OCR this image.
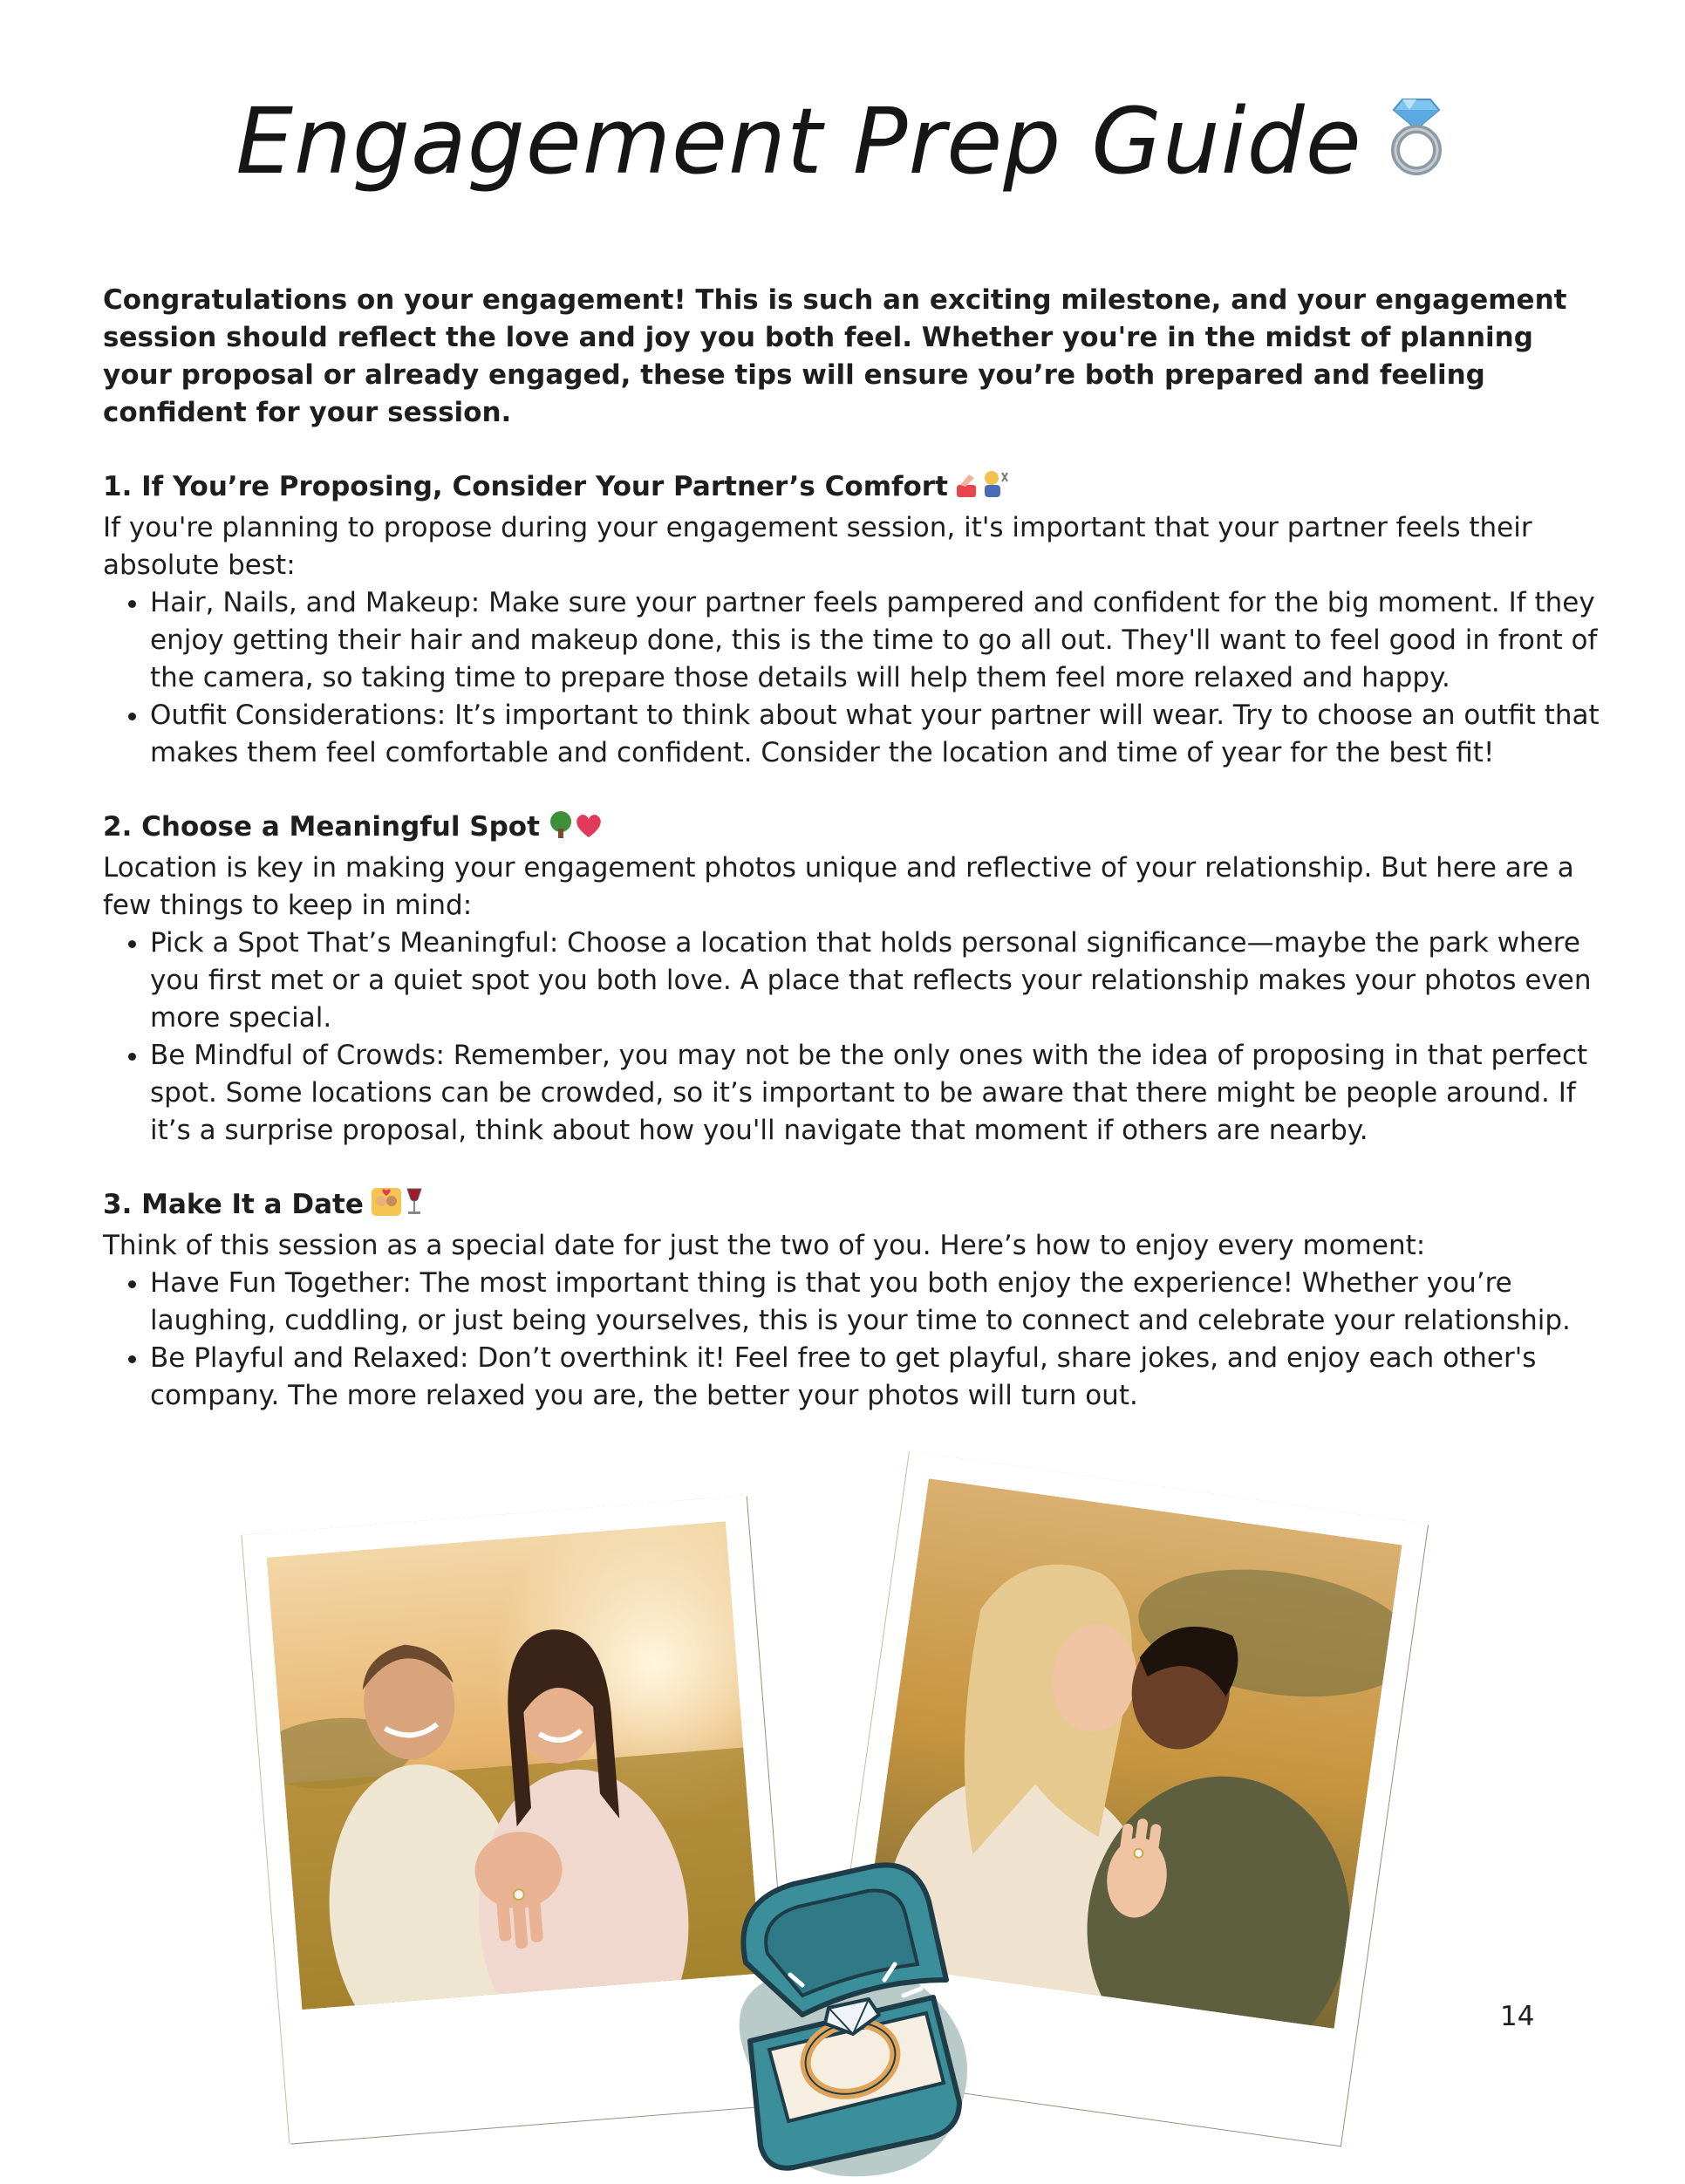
Engagement Prep Guide

Congratulations on your engagement! This is such an exciting milestone, and your engagement session should reflect the love and joy you both feel. Whether you're in the midst of planning your proposal or already engaged, these tips will ensure you’re both prepared and feeling confident for your session.

1. If You’re Proposing, Consider Your Partner’s Comfort

If you're planning to propose during your engagement session, it's important that your partner feels their absolute best:

• Hair, Nails, and Makeup: Make sure your partner feels pampered and confident for the big moment. If they enjoy getting their hair and makeup done, this is the time to go all out. They'll want to feel good in front of the camera, so taking time to prepare those details will help them feel more relaxed and happy.
• Outfit Considerations: It’s important to think about what your partner will wear. Try to choose an outfit that makes them feel comfortable and confident. Consider the location and time of year for the best fit!
2. Choose a Meaningful Spot

Location is key in making your engagement photos unique and reflective of your relationship. But here are a few things to keep in mind:

• Pick a Spot That’s Meaningful: Choose a location that holds personal significance—maybe the park where you first met or a quiet spot you both love. A place that reflects your relationship makes your photos even more special.
• Be Mindful of Crowds: Remember, you may not be the only ones with the idea of proposing in that perfect spot. Some locations can be crowded, so it’s important to be aware that there might be people around. If it’s a surprise proposal, think about how you'll navigate that moment if others are nearby.
3. Make It a Date

Think of this session as a special date for just the two of you. Here’s how to enjoy every moment:

• Have Fun Together: The most important thing is that you both enjoy the experience! Whether you’re laughing, cuddling, or just being yourselves, this is your time to connect and celebrate your relationship.
• Be Playful and Relaxed: Don’t overthink it! Feel free to get playful, share jokes, and enjoy each other's company. The more relaxed you are, the better your photos will turn out.
14
